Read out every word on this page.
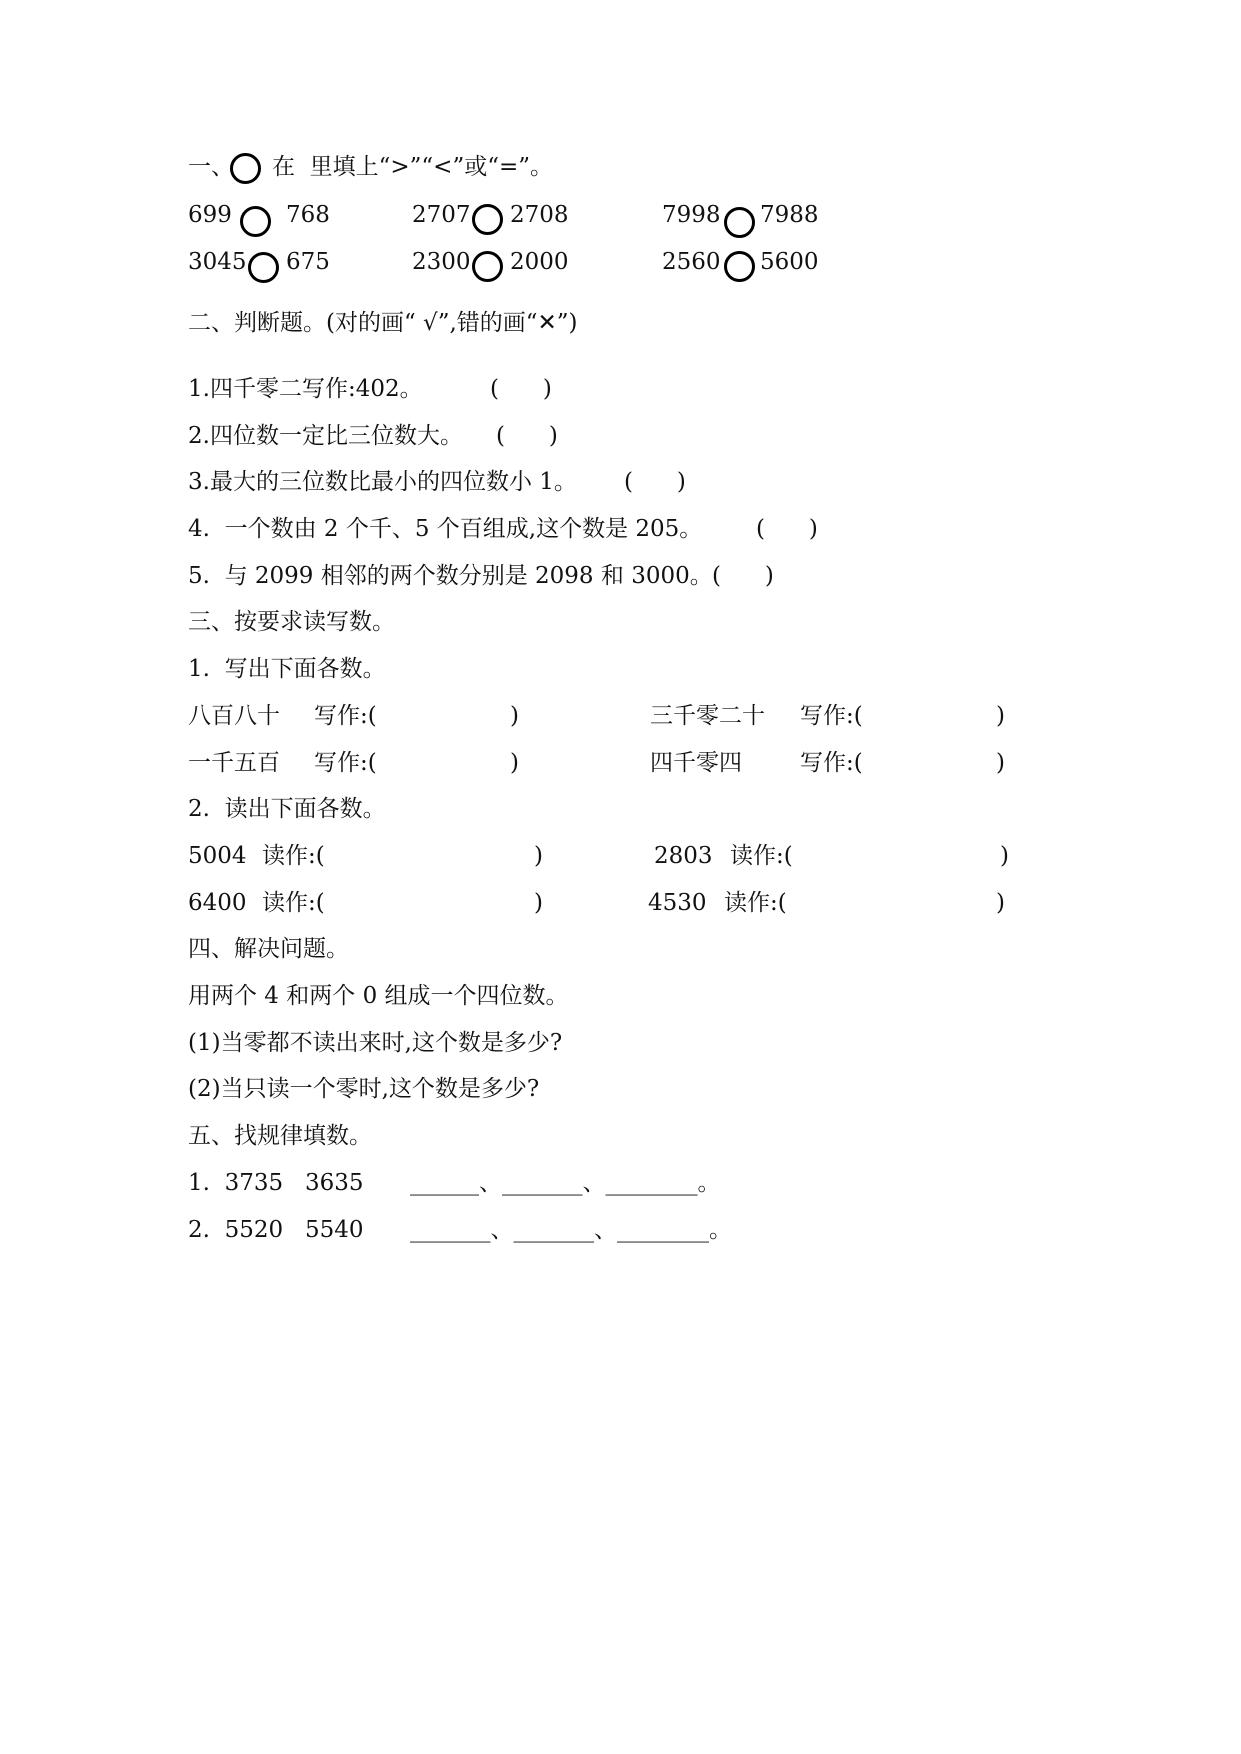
一、 在  里填上“>”“<”或“=”。
699 768	2707 2708	7998 7988
3045 675	2300 2000	2560 5600
二、判断题。(对的画“ √”,错的画“✕”)
1.四千零二写作:402。	(      )
2.四位数一定比三位数大。 (      )
3.最大的三位数比最小的四位数小 1。 (      )
4.  一个数由 2 个千、5 个百组成,这个数是 205。 (      )
5.  与 2099 相邻的两个数分别是 2098 和 3000。 (      )
三、按要求读写数。
1.  写出下面各数。
八百八十 写作:(	)	三千零二十 写作:(	)
一千五百 写作:(	)	四千零四	写作:(	)
2.  读出下面各数。
5004 读作:(	)	2803 读作:(	)
6400 读作:(	)	4530 读作:(	)
四、解决问题。
用两个 4 和两个 0 组成一个四位数。
(1)当零都不读出来时,这个数是多少?
(2)当只读一个零时,这个数是多少?
五、找规律填数。
1.  3735   3635 ______、_______、________。
2.  5520   5540 _______、_______、________。
